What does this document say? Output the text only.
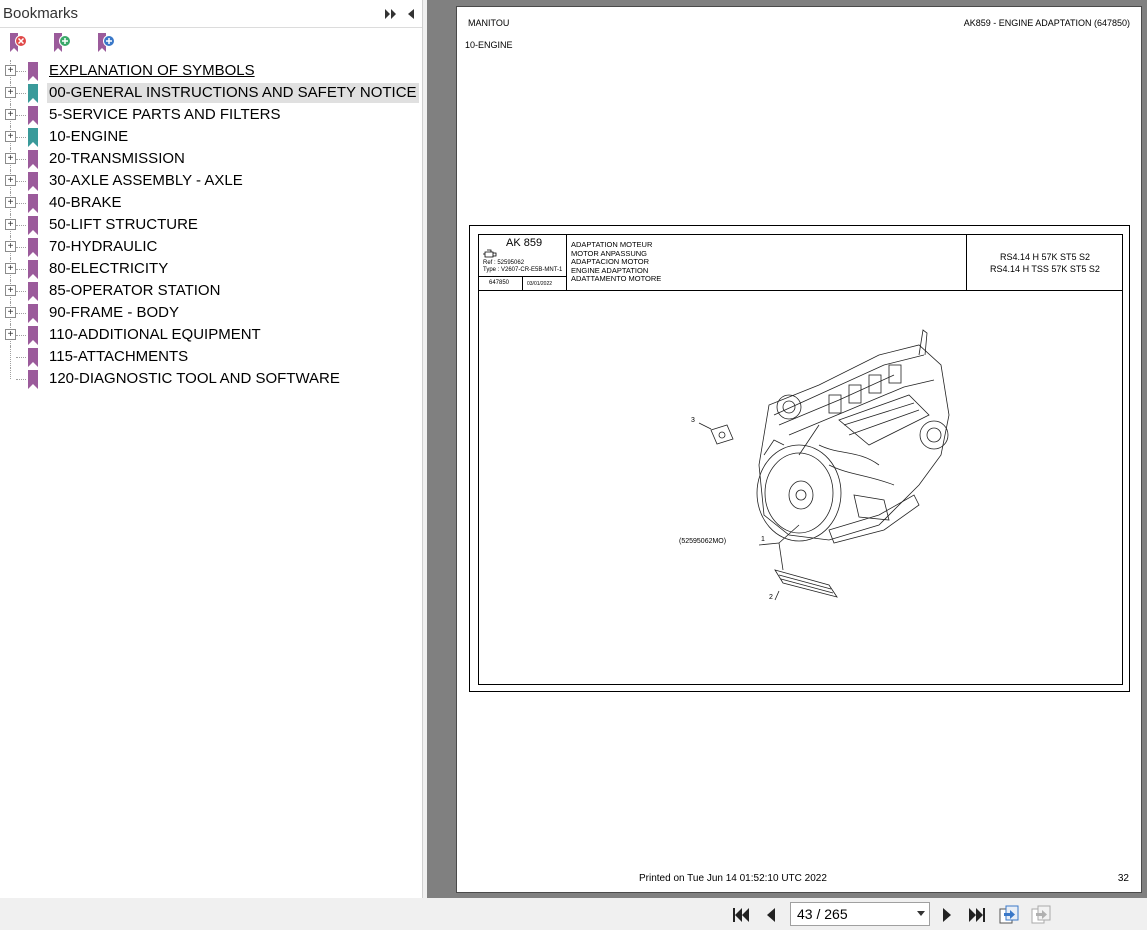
Bookmarks
+ EXPLANATION OF SYMBOLS
+ 00-GENERAL INSTRUCTIONS AND SAFETY NOTICE
+ 5-SERVICE PARTS AND FILTERS
+ 10-ENGINE
+ 20-TRANSMISSION
+ 30-AXLE ASSEMBLY - AXLE
+ 40-BRAKE
+ 50-LIFT STRUCTURE
+ 70-HYDRAULIC
+ 80-ELECTRICITY
+ 85-OPERATOR STATION
+ 90-FRAME - BODY
+ 110-ADDITIONAL EQUIPMENT
115-ATTACHMENTS
120-DIAGNOSTIC TOOL AND SOFTWARE
MANITOU	AK859 - ENGINE ADAPTATION (647850)
10-ENGINE
AK 859
Ref : 52595062
Type : V2607-CR-E5B-MNT-1
647850	03/01/2022
ADAPTATION MOTEUR
MOTOR ANPASSUNG
ADAPTACION MOTOR
ENGINE ADAPTATION
ADATTAMENTO MOTORE
RS4.14 H 57K ST5 S2
RS4.14 H TSS 57K ST5 S2
3
(52595062MO)	1
2
Printed on Tue Jun 14 01:52:10 UTC 2022	32
43 / 265
